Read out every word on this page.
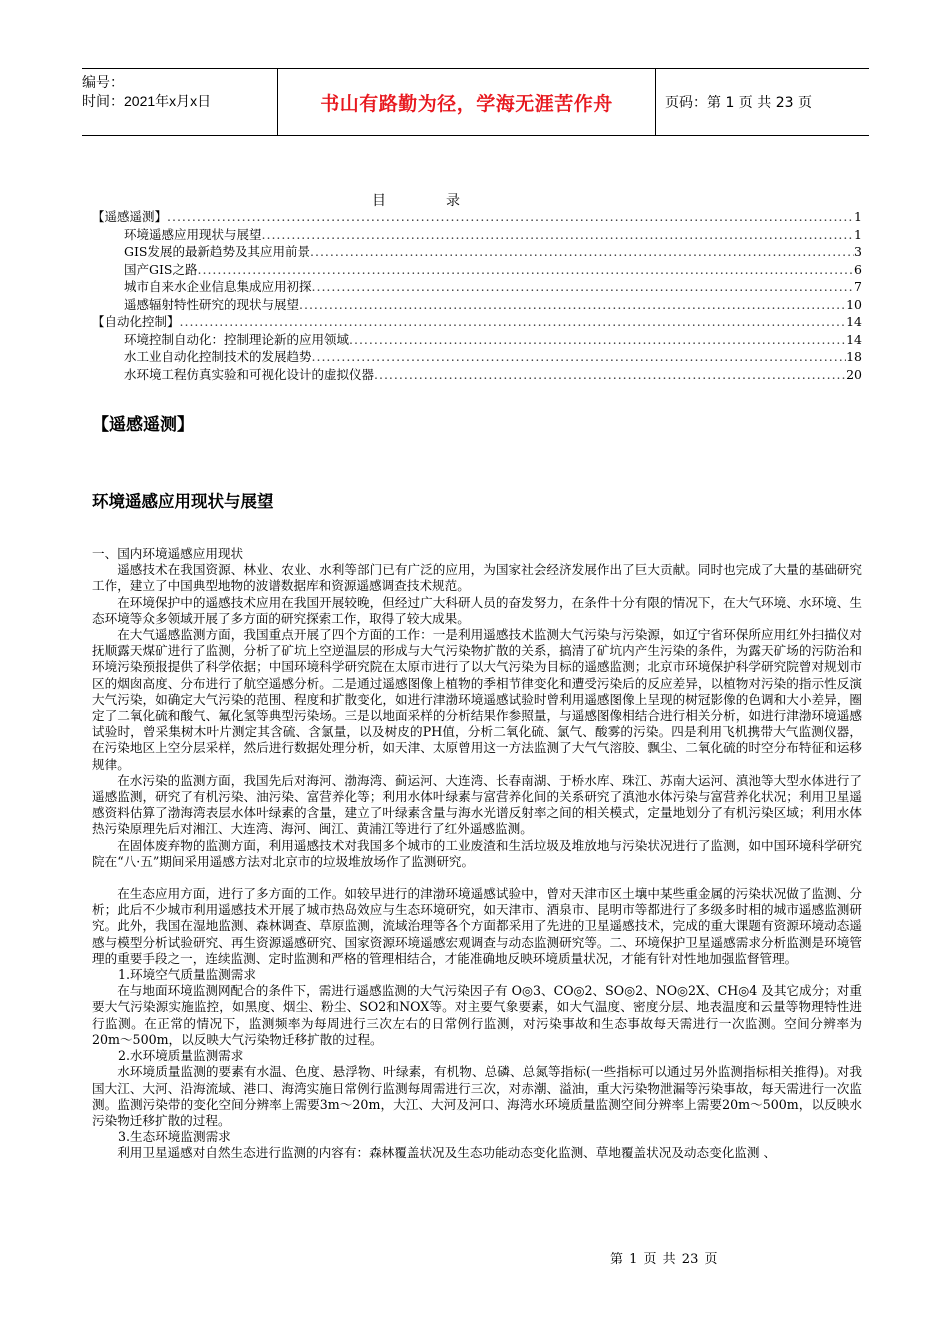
编号：
时间：2021年x月x日	书山有路勤为径，学海无涯苦作舟	页码：第 1 页 共 23 页
目	录
【遥感遥测】 .....	1
环境遥感应用现状与展望 .....	1
GIS发展的最新趋势及其应用前景 .....	3
国产GIS之路 .....	6
城市自来水企业信息集成应用初探 .....	7
遥感辐射特性研究的现状与展望 .....	10
【自动化控制】 .....	14
环境控制自动化：控制理论新的应用领域 .....	14
水工业自动化控制技术的发展趋势 .....	18
水环境工程仿真实验和可视化设计的虚拟仪器 .....	20
【遥感遥测】
环境遥感应用现状与展望

一、国内环境遥感应用现状

遥感技术在我国资源、林业、农业、水利等部门已有广泛的应用，为国家社会经济发展作出了巨大贡献。同时也完成了大量的基础研究工作，建立了中国典型地物的波谱数据库和资源遥感调查技术规范。

在环境保护中的遥感技术应用在我国开展较晚，但经过广大科研人员的奋发努力，在条件十分有限的情况下，在大气环境、水环境、生态环境等众多领域开展了多方面的研究探索工作，取得了较大成果。

在大气遥感监测方面，我国重点开展了四个方面的工作：一是利用遥感技术监测大气污染与污染源，如辽宁省环保所应用红外扫描仪对抚顺露天煤矿进行了监测，分析了矿坑上空逆温层的形成与大气污染物扩散的关系，搞清了矿坑内产生污染的条件，为露天矿场的污防治和环境污染预报提供了科学依据；中国环境科学研究院在太原市进行了以大气污染为目标的遥感监测；北京市环境保护科学研究院曾对规划市区的烟囱高度、分布进行了航空遥感分析。二是通过遥感图像上植物的季相节律变化和遭受污染后的反应差异，以植物对污染的指示性反演大气污染，如确定大气污染的范围、程度和扩散变化，如进行津渤环境遥感试验时曾利用遥感图像上呈现的树冠影像的色调和大小差异，圈定了二氧化硫和酸气、氟化氢等典型污染场。三是以地面采样的分析结果作参照量，与遥感图像相结合进行相关分析，如进行津渤环境遥感试验时，曾采集树木叶片测定其含硫、含氯量，以及树皮的PH值，分析二氧化硫、氯气、酸雾的污染。四是利用飞机携带大气监测仪器，在污染地区上空分层采样，然后进行数据处理分析，如天津、太原曾用这一方法监测了大气气溶胶、飘尘、二氧化硫的时空分布特征和运移规律。

在水污染的监测方面，我国先后对海河、渤海湾、蓟运河、大连湾、长春南湖、于桥水库、珠江、苏南大运河、滇池等大型水体进行了遥感监测，研究了有机污染、油污染、富营养化等；利用水体叶绿素与富营养化间的关系研究了滇池水体污染与富营养化状况；利用卫星遥感资料估算了渤海湾表层水体叶绿素的含量，建立了叶绿素含量与海水光谱反射率之间的相关模式，定量地划分了有机污染区域；利用水体热污染原理先后对湘江、大连湾、海河、闽江、黄浦江等进行了红外遥感监测。

在固体废弃物的监测方面，利用遥感技术对我国多个城市的工业废渣和生活垃圾及堆放地与污染状况进行了监测，如中国环境科学研究院在“八·五”期间采用遥感方法对北京市的垃圾堆放场作了监测研究。

在生态应用方面，进行了多方面的工作。如较早进行的津渤环境遥感试验中，曾对天津市区土壤中某些重金属的污染状况做了监测、分析；此后不少城市利用遥感技术开展了城市热岛效应与生态环境研究，如天津市、酒泉市、昆明市等都进行了多级多时相的城市遥感监测研究。此外，我国在湿地监测、森林调查、草原监测，流域治理等各个方面都采用了先进的卫星遥感技术，完成的重大课题有资源环境动态遥感与模型分析试验研究、再生资源遥感研究、国家资源环境遥感宏观调查与动态监测研究等。二、环境保护卫星遥感需求分析监测是环境管理的重要手段之一，连续监测、定时监测和严格的管理相结合，才能准确地反映环境质量状况，才能有针对性地加强监督管理。

1.环境空气质量监测需求

在与地面环境监测网配合的条件下，需进行遥感监测的大气污染因子有 O◎3、CO◎2、SO◎2、NO◎2X、CH◎4 及其它成分；对重要大气污染源实施监控，如黑度、烟尘、粉尘、SO2和NOX等。对主要气象要素，如大气温度、密度分层、地表温度和云量等物理特性进行监测。在正常的情况下，监测频率为每周进行三次左右的日常例行监测，对污染事故和生态事故每天需进行一次监测。空间分辨率为20m～500m，以反映大气污染物迁移扩散的过程。

2.水环境质量监测需求

水环境质量监测的要素有水温、色度、悬浮物、叶绿素，有机物、总磷、总氮等指标(一些指标可以通过另外监测指标相关推得)。对我国大江、大河、沿海流域、港口、海湾实施日常例行监测每周需进行三次，对赤潮、溢油，重大污染物泄漏等污染事故，每天需进行一次监测。监测污染带的变化空间分辨率上需要3m～20m，大江、大河及河口、海湾水环境质量监测空间分辨率上需要20m～500m，以反映水污染物迁移扩散的过程。

3.生态环境监测需求

利用卫星遥感对自然生态进行监测的内容有：森林覆盖状况及生态功能动态变化监测、草地覆盖状况及动态变化监测 、

第 1 页 共 23 页
